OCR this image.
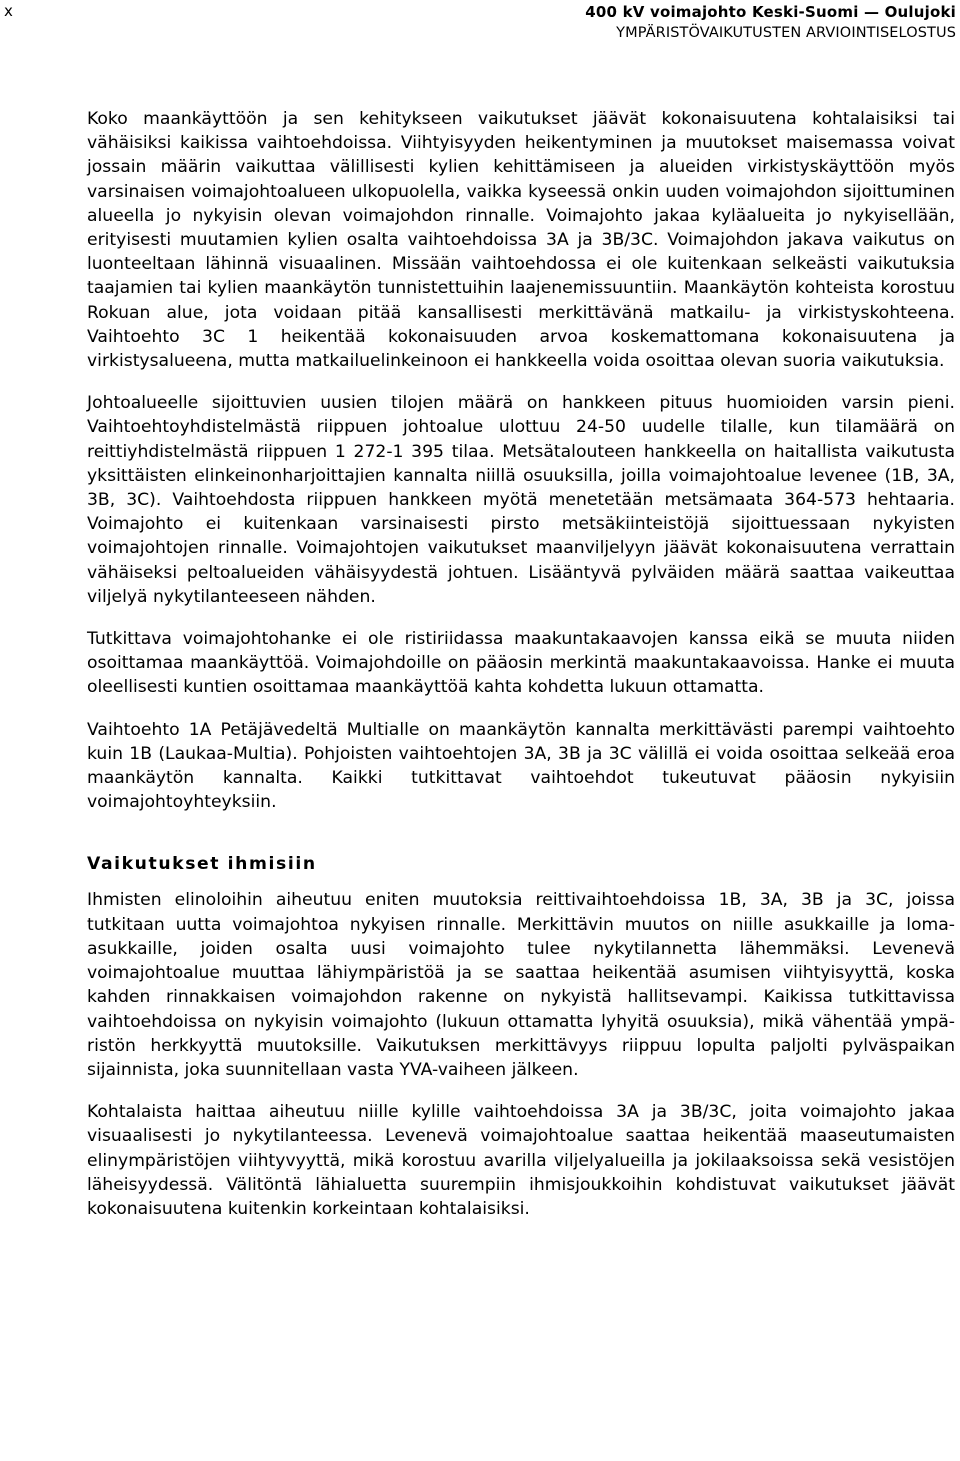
x	400 kV voimajohto Keski-Suomi — Oulujoki
YMPÄRISTÖVAIKUTUSTEN ARVIOINTISELOSTUS

Koko maankäyttöön ja sen kehitykseen vaikutukset jäävät kokonaisuutena kohtalaisiksi tai vähäisiksi kaikissa vaihtoehdoissa. Viihtyisyyden heikentyminen ja muutokset maisemassa voivat jossain määrin vaikuttaa välillisesti kylien kehittämiseen ja alueiden virkistyskäyttöön myös varsinaisen voimajohtoalueen ulkopuolella, vaikka kyseessä onkin uuden voimajohdon sijoittuminen alueella jo nykyisin olevan voimajohdon rinnalle. Voimajohto jakaa kyläalueita jo nykyisellään, erityisesti muutamien kylien osalta vaihtoehdoissa 3A ja 3B/3C. Voimajohdon jakava vaikutus on luonteeltaan lähinnä visuaalinen. Missään vaihtoehdossa ei ole kuitenkaan selkeästi vaikutuksia taajamien tai kylien maankäytön tunnistettuihin laajenemissuuntiin. Maankäytön kohteista korostuu Rokuan alue, jota voidaan pitää kansallisesti merkittävänä matkailu- ja virkistyskohteena. Vaihtoehto 3C 1 heikentää kokonaisuuden arvoa koskemattomana kokonaisuutena ja virkistysalueena, mutta matkailuelinkeinoon ei hankkeella voida osoittaa olevan suoria vaikutuksia.

Johtoalueelle sijoittuvien uusien tilojen määrä on hankkeen pituus huomioiden varsin pieni. Vaihtoehtoyhdistelmästä riippuen johtoalue ulottuu 24-50 uudelle tilalle, kun tilamäärä on reittiyhdistelmästä riippuen 1 272-1 395 tilaa. Metsätalouteen hankkeella on haitallista vaikutusta yksittäisten elinkeinonharjoittajien kannalta niillä osuuksilla, joilla voimajohtoalue levenee (1B, 3A, 3B, 3C). Vaihtoehdosta riippuen hankkeen myötä menetetään metsämaata 364-573 hehtaaria. Voimajohto ei kuitenkaan varsinaisesti pirsto metsäkiinteistöjä sijoittuessaan nykyisten voimajohtojen rinnalle. Voimajohtojen vaikutukset maanviljelyyn jäävät kokonaisuutena verrattain vähäiseksi peltoalueiden vähäisyydestä johtuen. Lisääntyvä pylväiden määrä saattaa vaikeuttaa viljelyä nykytilanteeseen nähden.

Tutkittava voimajohtohanke ei ole ristiriidassa maakuntakaavojen kanssa eikä se muuta niiden osoittamaa maankäyttöä. Voimajohdoille on pääosin merkintä maakuntakaavoissa. Hanke ei muuta oleellisesti kuntien osoittamaa maankäyttöä kahta kohdetta lukuun ottamatta.

Vaihtoehto 1A Petäjävedeltä Multialle on maankäytön kannalta merkittävästi parempi vaihtoehto kuin 1B (Laukaa-Multia). Pohjoisten vaihtoehtojen 3A, 3B ja 3C välillä ei voida osoittaa selkeää eroa maankäytön kannalta. Kaikki tutkittavat vaihtoehdot tukeutuvat pääosin nykyisiin voimajohtoyhteyksiin.

Vaikutukset ihmisiin

Ihmisten elinoloihin aiheutuu eniten muutoksia reittivaihtoehdoissa 1B, 3A, 3B ja 3C, joissa tutkitaan uutta voimajohtoa nykyisen rinnalle. Merkittävin muutos on niille asukkaille ja loma-asukkaille, joiden osalta uusi voimajohto tulee nykytilannetta lähemmäksi. Levenevä voimajohtoalue muuttaa lähiympäristöä ja se saattaa heikentää asumisen viihtyisyyttä, koska kahden rinnakkaisen voimajohdon rakenne on nykyistä hallitsevampi. Kaikissa tutkittavissa vaihtoehdoissa on nykyisin voimajohto (lukuun ottamatta lyhyitä osuuksia), mikä vähentää ympäristön herkkyyttä muutoksille. Vaikutuksen merkittävyys riippuu lopulta paljolti pylväspaikan sijainnista, joka suunnitellaan vasta YVA-vaiheen jälkeen.

Kohtalaista haittaa aiheutuu niille kylille vaihtoehdoissa 3A ja 3B/3C, joita voimajohto jakaa visuaalisesti jo nykytilanteessa. Levenevä voimajohtoalue saattaa heikentää maaseutumaisten elinympäristöjen viihtyvyyttä, mikä korostuu avarilla viljelyalueilla ja jokilaaksoissa sekä vesistöjen läheisyydessä. Välitöntä lähialuetta suurempiin ihmisjoukkoihin kohdistuvat vaikutukset jäävät kokonaisuutena kuitenkin korkeintaan kohtalaisiksi.
